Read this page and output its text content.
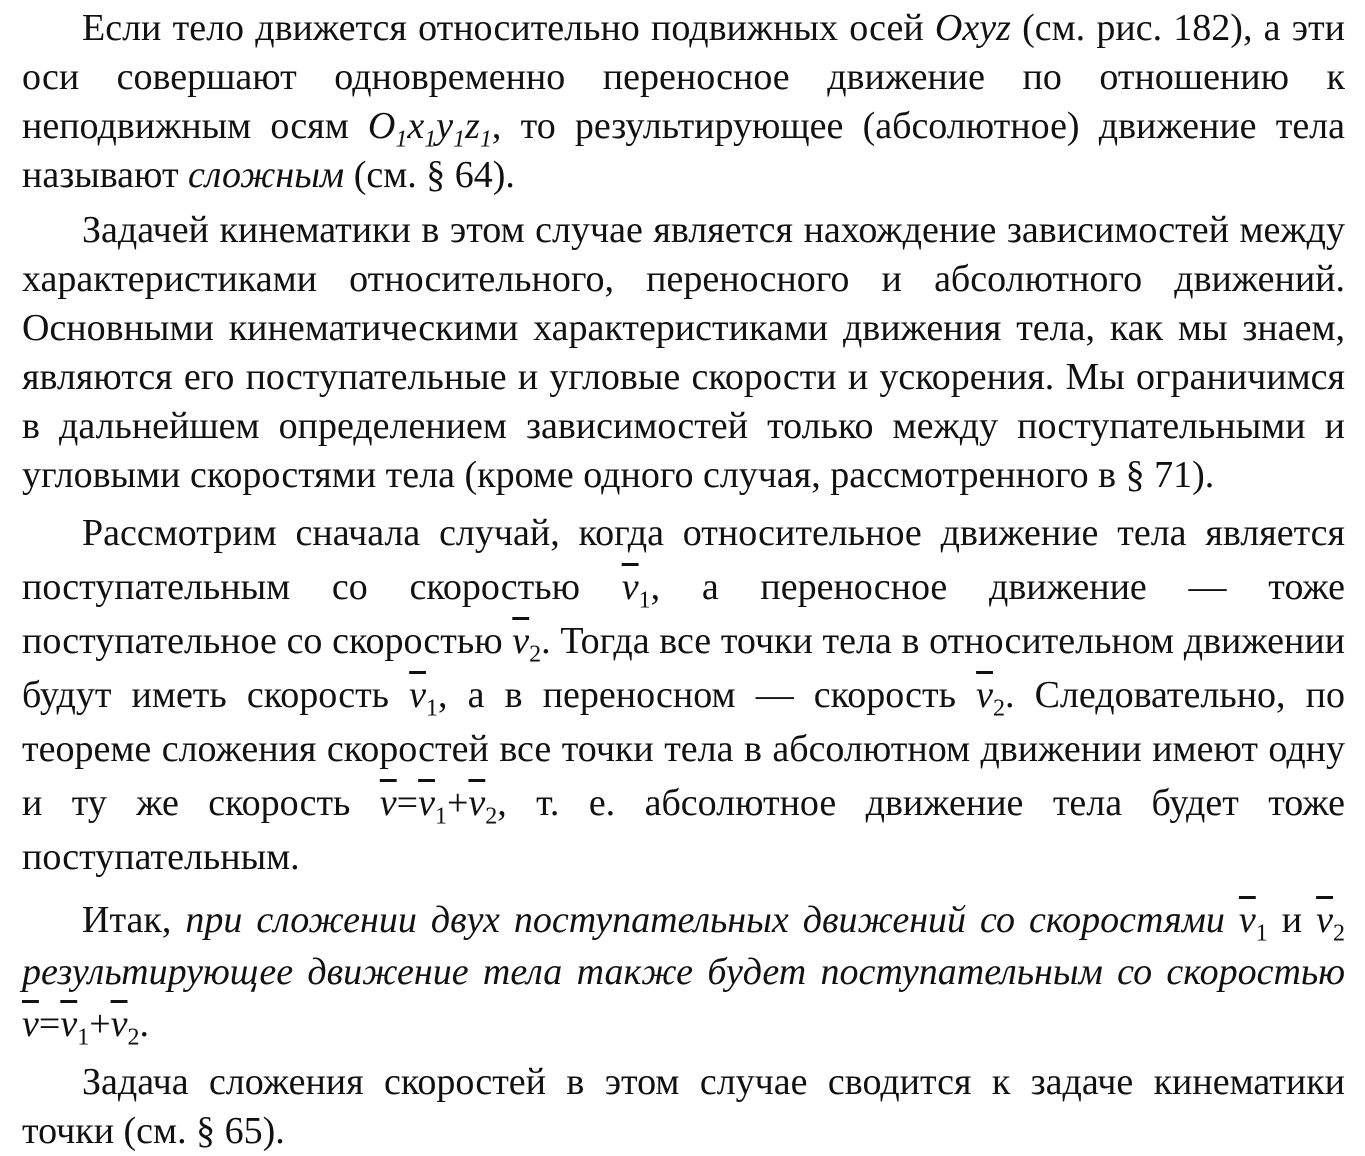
Если тело движется относительно подвижных осей Oxyz (см. рис. 182), а эти оси совершают одновременно переносное движение по отношению к неподвижным осям $O_1x_1y_1z_1$, то результирующее (абсолютное) движение тела называют сложным (см. § 64).

Задачей кинематики в этом случае является нахождение зависимостей между характеристиками относительного, переносного и абсолютного движений. Основными кинематическими характеристиками движения тела, как мы знаем, являются его поступательные и угловые скорости и ускорения. Мы ограничимся в дальнейшем определением зависимостей только между поступательными и угловыми скоростями тела (кроме одного случая, рассмотренного в § 71).

Рассмотрим сначала случай, когда относительное движение тела является поступательным со скоростью $\overline{v}_1$, а переносное движение — тоже поступательное со скоростью $\overline{v}_2$. Тогда все точки тела в относительном движении будут иметь скорость $\overline{v}_1$, а в переносном — скорость $\overline{v}_2$. Следовательно, по теореме сложения скоростей все точки тела в абсолютном движении имеют одну и ту же скорость $\overline{v}=\overline{v}_1+\overline{v}_2$, т. е. абсолютное движение тела будет тоже поступательным.

Итак, при сложении двух поступательных движений со скоростями $\overline{v}_1$ и $\overline{v}_2$ результирующее движение тела также будет поступательным со скоростью $\overline{v}=\overline{v}_1+\overline{v}_2$.

Задача сложения скоростей в этом случае сводится к задаче кинематики точки (см. § 65).
